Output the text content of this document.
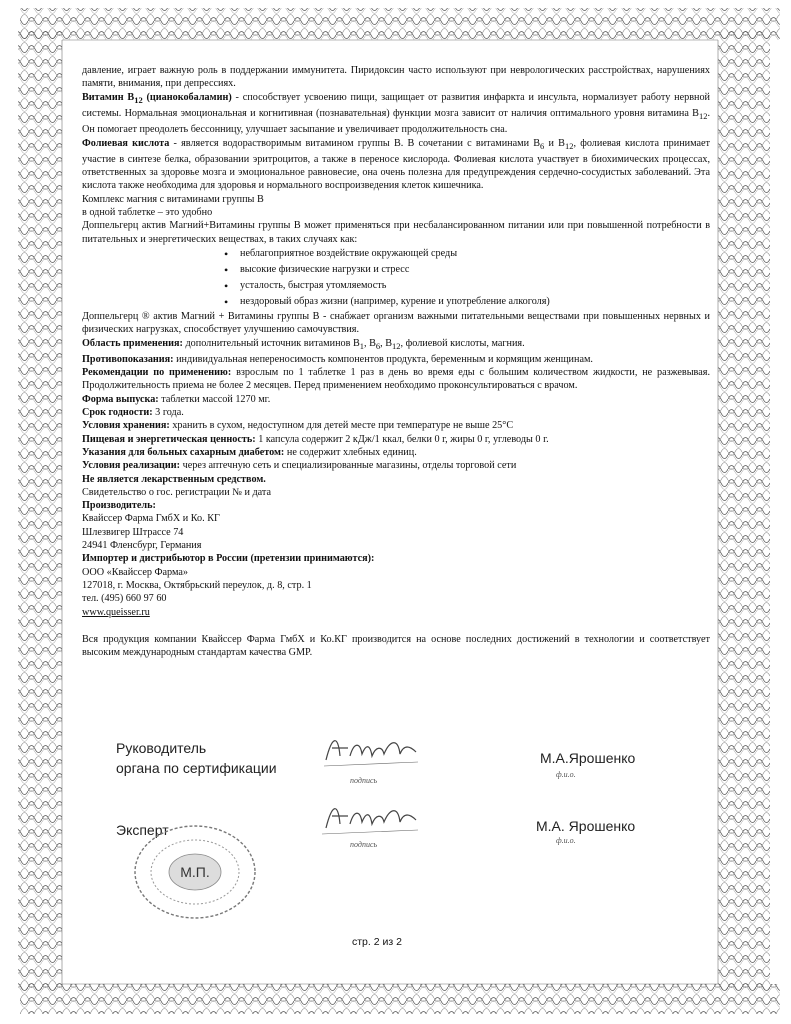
давление, играет важную роль в поддержании иммунитета. Пиридоксин часто используют при неврологических расстройствах, нарушениях памяти, внимания, при депрессиях.

Витамин $B_{12}$ (цианокобаламин) - способствует усвоению пищи, защищает от развития инфаркта и инсульта, нормализует работу нервной системы. Нормальная эмоциональная и когнитивная (познавательная) функции мозга зависит от наличия оптимального уровня витамина $B_{12}$. Он помогает преодолеть бессонницу, улучшает засыпание и увеличивает продолжительность сна.

Фолиевая кислота - является водорастворимым витамином группы B. В сочетании с витаминами $B_6$ и $B_{12}$, фолиевая кислота принимает участие в синтезе белка, образовании эритроцитов, а также в переносе кислорода. Фолиевая кислота участвует в биохимических процессах, ответственных за здоровье мозга и эмоциональное равновесие, она очень полезна для предупреждения сердечно-сосудистых заболеваний. Эта кислота также необходима для здоровья и нормального воспроизведения клеток кишечника.

Комплекс магния с витаминами группы B

в одной таблетке – это удобно

Доппельгерц актив Магний+Витамины группы B может применяться при несбалансированном питании или при повышенной потребности в питательных и энергетических веществах, в таких случаях как:

• неблагоприятное воздействие окружающей среды
• высокие физические нагрузки и стресс
• усталость, быстрая утомляемость
• нездоровый образ жизни (например, курение и употребление алкоголя)

Доппельгерц ® актив Магний + Витамины группы B - снабжает организм важными питательными веществами при повышенных нервных и физических нагрузках, способствует улучшению самочувствия.

Область применения: дополнительный источник витаминов $B_1$, $B_6$, $B_{12}$, фолиевой кислоты, магния.

Противопоказания: индивидуальная непереносимость компонентов продукта, беременным и кормящим женщинам.

Рекомендации по применению: взрослым по 1 таблетке 1 раз в день во время еды с большим количеством жидкости, не разжевывая. Продолжительность приема не более 2 месяцев. Перед применением необходимо проконсультироваться с врачом.

Форма выпуска: таблетки массой 1270 мг.

Срок годности: 3 года.

Условия хранения: хранить в сухом, недоступном для детей месте при температуре не выше 25°С

Пищевая и энергетическая ценность: 1 капсула содержит 2 кДж/1 ккал, белки 0 г, жиры 0 г, углеводы 0 г.

Указания для больных сахарным диабетом: не содержит хлебных единиц.

Условия реализации: через аптечную сеть и специализированные магазины, отделы торговой сети

Не является лекарственным средством.

Свидетельство о гос. регистрации № и дата

Производитель:

Квайссер Фарма ГмбХ и Ко. КГ

Шлезвигер Штрассе 74

24941 Фленсбург, Германия

Импортер и дистрибьютор в России (претензии принимаются):

ООО «Квайссер Фарма»

127018, г. Москва, Октябрьский переулок, д. 8, стр. 1

тел. (495) 660 97 60

www.queisser.ru

Вся продукция компании Квайссер Фарма ГмбХ и Ко.КГ производится на основе последних достижений в технологии и соответствует высоким международным стандартам качества GMP.

Руководитель
органа по сертификации
Эксперт
М.А.Ярошенко
М.А. Ярошенко
подпись
подпись
ф.и.о.
ф.и.о.
М.П.
стр. 2 из 2
